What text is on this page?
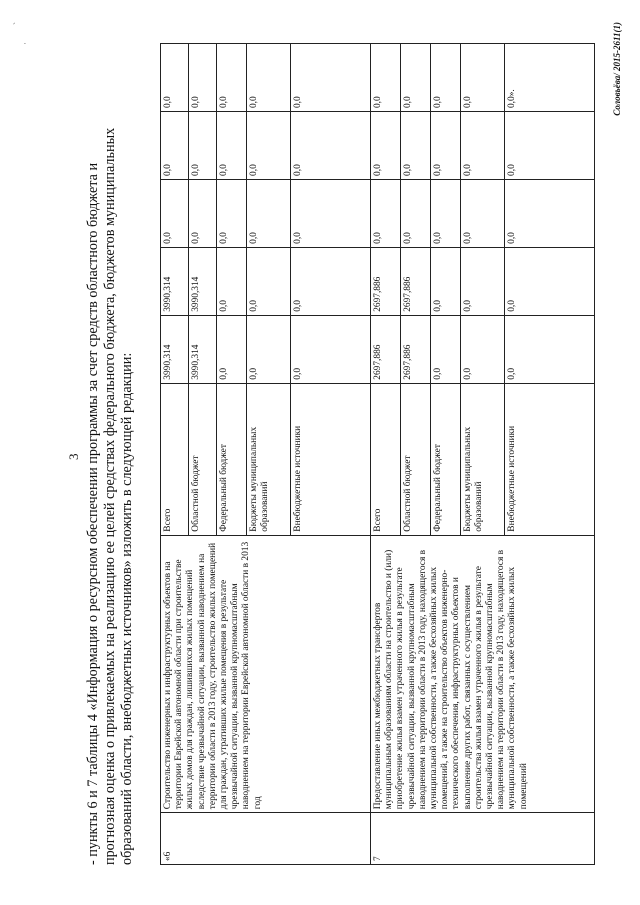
`
·
3 - пункты 6 и 7 таблицы 4 «Информация о ресурсном обеспечении программы за счет средств областного бюджета и прогнозная оценка о привлекаемых на реализацию ее целей средствах федерального бюджета, бюджетов муниципальных образований области, внебюджетных источников» изложить в следующей редакции:	«6	Строительство инженерных и инфраструктурных объектов на территории Еврейской автономной области при строительстве жилых домов для граждан, лишившихся жилых помещений вследствие чрезвычайной ситуации, вызванной наводнением на территории области в 2013 году, строительство жилых помещений для граждан, утративших жилые помещения в результате чрезвычайной ситуации, вызванной крупномасштабным наводнением на территории Еврейской автономной области в 2013 год	Всего	3990,314	3990,314	0,0	0,0	0,0
		Областной бюджет	3990,314	3990,314	0,0	0,0	0,0
		Федеральный бюджет	0,0	0,0	0,0	0,0	0,0
		Бюджеты муниципальных образований	0,0	0,0	0,0	0,0	0,0
		Внебюджетные источники	0,0	0,0	0,0	0,0	0,0
7	Предоставление иных межбюджетных трансфертов муниципальным образованиям области на строительство и (или) приобретение жилья взамен утраченного жилья в результате чрезвычайной ситуации, вызванной крупномасштабным наводнением на территории области в 2013 году, находящегося в муниципальной собственности, а также бесхозяйных жилых помещений, а также на строительство объектов инженерно-технического обеспечения, инфраструктурных объектов и выполнение других работ, связанных с осуществлением строительства жилья взамен утраченного жилья в результате чрезвычайной ситуации, вызванной крупномасштабным наводнением на территории области в 2013 году, находящегося в муниципальной собственности, а также бесхозяйных жилых помещений	Всего	2697,886	2697,886	0,0	0,0	0,0
		Областной бюджет	2697,886	2697,886	0,0	0,0	0,0
		Федеральный бюджет	0,0	0,0	0,0	0,0	0,0
		Бюджеты муниципальных образований	0,0	0,0	0,0	0,0	0,0
		Внебюджетные источники	0,0	0,0	0,0	0,0	0,0».	Соловьёва/ 2015-2611(1)
